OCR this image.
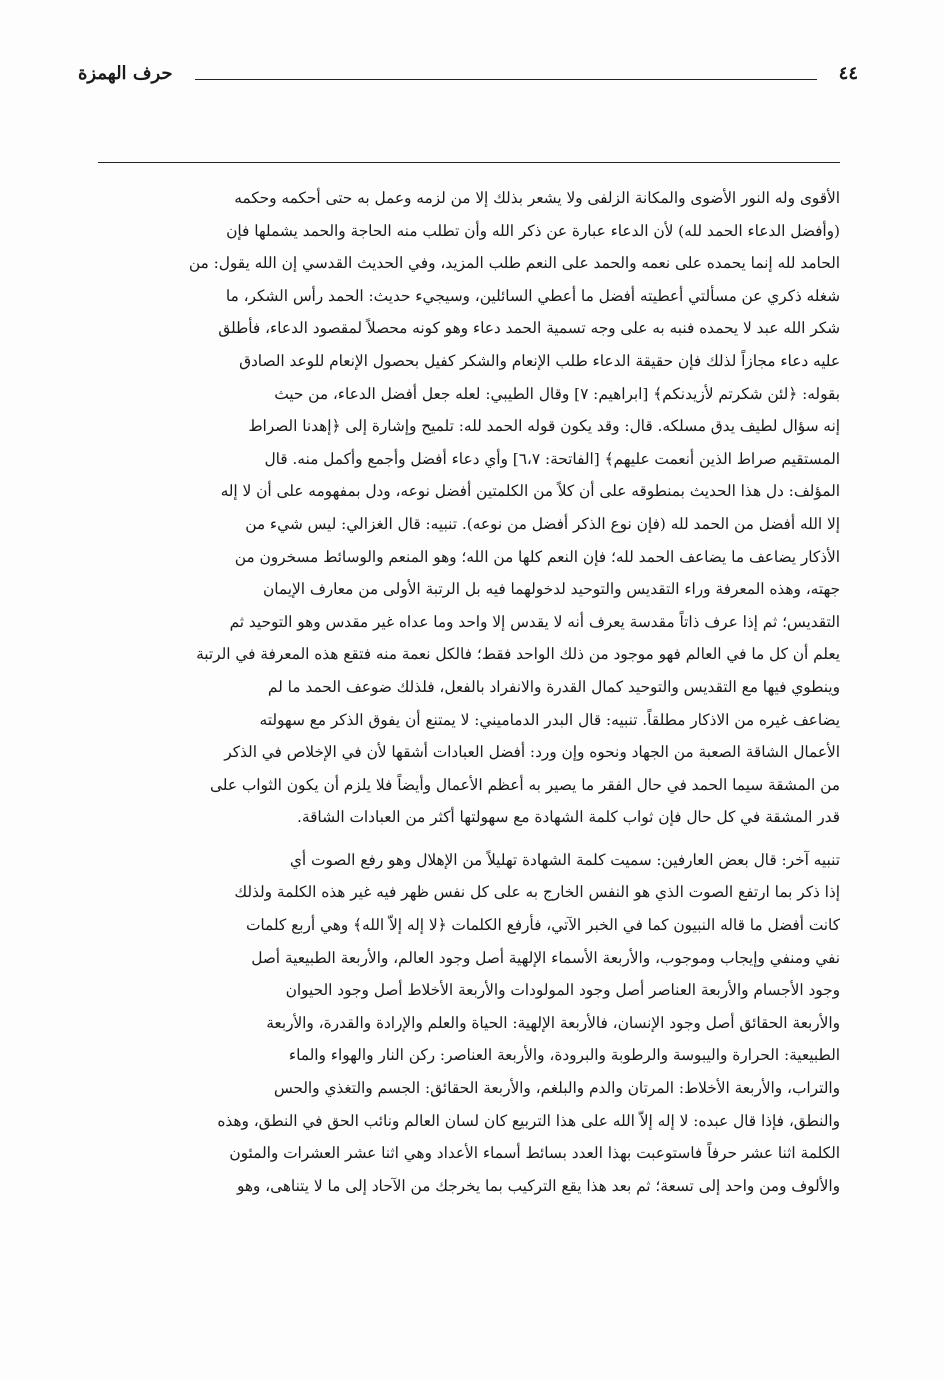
٤٤
حرف الهمزة

الأقوى وله النور الأضوى والمكانة الزلفى ولا يشعر بذلك إلا من لزمه وعمل به حتى أحكمه وحكمه

(وأفضل الدعاء الحمد لله) لأن الدعاء عبارة عن ذكر الله وأن تطلب منه الحاجة والحمد يشملها فإن

الحامد لله إنما يحمده على نعمه والحمد على النعم طلب المزيد، وفي الحديث القدسي إن الله يقول: من

شغله ذكري عن مسألتي أعطيته أفضل ما أعطي السائلين، وسيجيء حديث: الحمد رأس الشكر، ما

شكر الله عبد لا يحمده فنبه به على وجه تسمية الحمد دعاء وهو كونه محصلاً لمقصود الدعاء، فأطلق

عليه دعاء مجازاً لذلك فإن حقيقة الدعاء طلب الإنعام والشكر كفيل بحصول الإنعام للوعد الصادق

بقوله: ﴿لئن شكرتم لأزيدنكم﴾ [ابراهيم: ٧] وقال الطيبي: لعله جعل أفضل الدعاء، من حيث

إنه سؤال لطيف يدق مسلكه. قال: وقد يكون قوله الحمد لله: تلميح وإشارة إلى ﴿إهدنا الصراط

المستقيم صراط الذين أنعمت عليهم﴾ [الفاتحة: ٦،٧] وأي دعاء أفضل وأجمع وأكمل منه. قال

المؤلف: دل هذا الحديث بمنطوقه على أن كلاً من الكلمتين أفضل نوعه، ودل بمفهومه على أن لا إله

إلا الله أفضل من الحمد لله (فإن نوع الذكر أفضل من نوعه). تنبيه: قال الغزالي: ليس شيء من

الأذكار يضاعف ما يضاعف الحمد لله؛ فإن النعم كلها من الله؛ وهو المنعم والوسائط مسخرون من

جهته، وهذه المعرفة وراء التقديس والتوحيد لدخولهما فيه بل الرتبة الأولى من معارف الإيمان

التقديس؛ ثم إذا عرف ذاتاً مقدسة يعرف أنه لا يقدس إلا واحد وما عداه غير مقدس وهو التوحيد ثم

يعلم أن كل ما في العالم فهو موجود من ذلك الواحد فقط؛ فالكل نعمة منه فتقع هذه المعرفة في الرتبة

وينطوي فيها مع التقديس والتوحيد كمال القدرة والانفراد بالفعل، فلذلك ضوعف الحمد ما لم

يضاعف غيره من الاذكار مطلقاً. تنبيه: قال البدر الدماميني: لا يمتنع أن يفوق الذكر مع سهولته

الأعمال الشاقة الصعبة من الجهاد ونحوه وإن ورد: أفضل العبادات أشقها لأن في الإخلاص في الذكر

من المشقة سيما الحمد في حال الفقر ما يصير به أعظم الأعمال وأيضاً فلا يلزم أن يكون الثواب على

قدر المشقة في كل حال فإن ثواب كلمة الشهادة مع سهولتها أكثر من العبادات الشاقة.

تنبيه آخر: قال بعض العارفين: سميت كلمة الشهادة تهليلاً من الإهلال وهو رفع الصوت أي

إذا ذكر بما ارتفع الصوت الذي هو النفس الخارج به على كل نفس ظهر فيه غير هذه الكلمة ولذلك

كانت أفضل ما قاله النبيون كما في الخبر الآتي، فأرفع الكلمات ﴿لا إله إلاّ الله﴾ وهي أربع كلمات

نفي ومنفي وإيجاب وموجوب، والأربعة الأسماء الإلهية أصل وجود العالم، والأربعة الطبيعية أصل

وجود الأجسام والأربعة العناصر أصل وجود المولودات والأربعة الأخلاط أصل وجود الحيوان

والأربعة الحقائق أصل وجود الإنسان، فالأربعة الإلهية: الحياة والعلم والإرادة والقدرة، والأربعة

الطبيعية: الحرارة واليبوسة والرطوبة والبرودة، والأربعة العناصر: ركن النار والهواء والماء

والتراب، والأربعة الأخلاط: المرتان والدم والبلغم، والأربعة الحقائق: الجسم والتغذي والحس

والنطق، فإذا قال عبده: لا إله إلاّ الله على هذا التربيع كان لسان العالم ونائب الحق في النطق، وهذه

الكلمة اثنا عشر حرفاً فاستوعبت بهذا العدد بسائط أسماء الأعداد وهي اثنا عشر العشرات والمئون

والألوف ومن واحد إلى تسعة؛ ثم بعد هذا يقع التركيب بما يخرجك من الآحاد إلى ما لا يتناهى، وهو
